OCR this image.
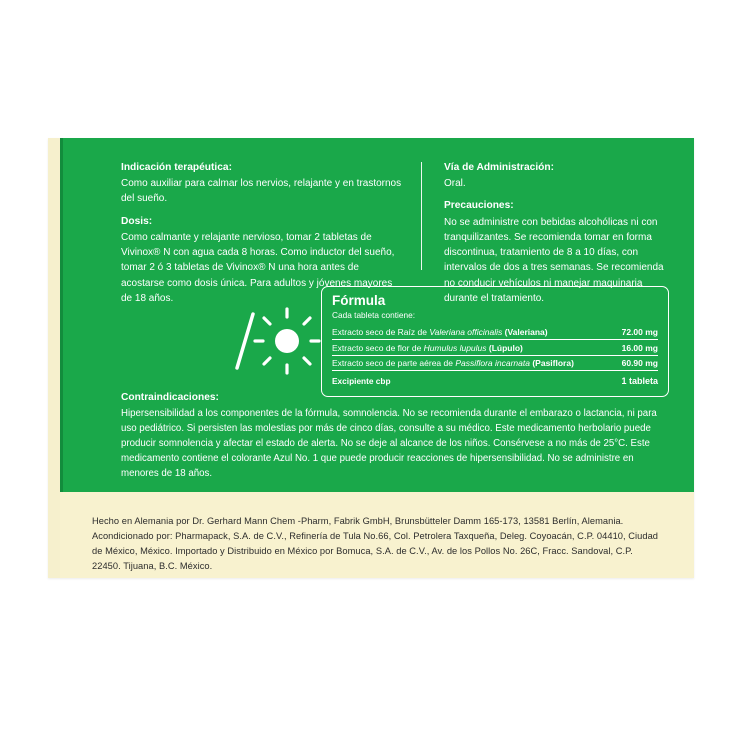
Indicación terapéutica:

Como auxiliar para calmar los nervios, relajante y en trastornos del sueño.

Dosis:

Como calmante y relajante nervioso, tomar 2 tabletas de Vivinox® N con agua cada 8 horas. Como inductor del sueño, tomar 2 ó 3 tabletas de Vivinox® N una hora antes de acostarse como dosis única. Para adultos y jóvenes mayores de 18 años.

Vía de Administración:

Oral.

Precauciones:

No se administre con bebidas alcohólicas ni con tranquilizantes. Se recomienda tomar en forma discontinua, tratamiento de 8 a 10 días, con intervalos de dos a tres semanas. Se recomienda no conducir vehículos ni manejar maquinaria durante el tratamiento.

Fórmula
Cada tableta contiene:
Extracto seco de Raíz de Valeriana officinalis (Valeriana)	72.00 mg
Extracto seco de flor de Humulus lupulus (Lúpulo)	16.00 mg
Extracto seco de parte aérea de Passiflora incarnata (Pasiflora)	60.90 mg
Excipiente cbp	1 tableta

Contraindicaciones:

Hipersensibilidad a los componentes de la fórmula, somnolencia. No se recomienda durante el embarazo o lactancia, ni para uso pediátrico. Si persisten las molestias por más de cinco días, consulte a su médico. Este medicamento herbolario puede producir somnolencia y afectar el estado de alerta. No se deje al alcance de los niños. Consérvese a no más de 25°C. Este medicamento contiene el colorante Azul No. 1 que puede producir reacciones de hipersensibilidad. No se administre en menores de 18 años.

Hecho en Alemania por Dr. Gerhard Mann Chem -Pharm, Fabrik GmbH, Brunsbütteler Damm 165-173, 13581 Berlín, Alemania. Acondicionado por: Pharmapack, S.A. de C.V., Refinería de Tula No.66, Col. Petrolera Taxqueña, Deleg. Coyoacán, C.P. 04410, Ciudad de México, México. Importado y Distribuido en México por Bomuca, S.A. de C.V., Av. de los Pollos No. 26C, Fracc. Sandoval, C.P. 22450. Tijuana, B.C. México.
